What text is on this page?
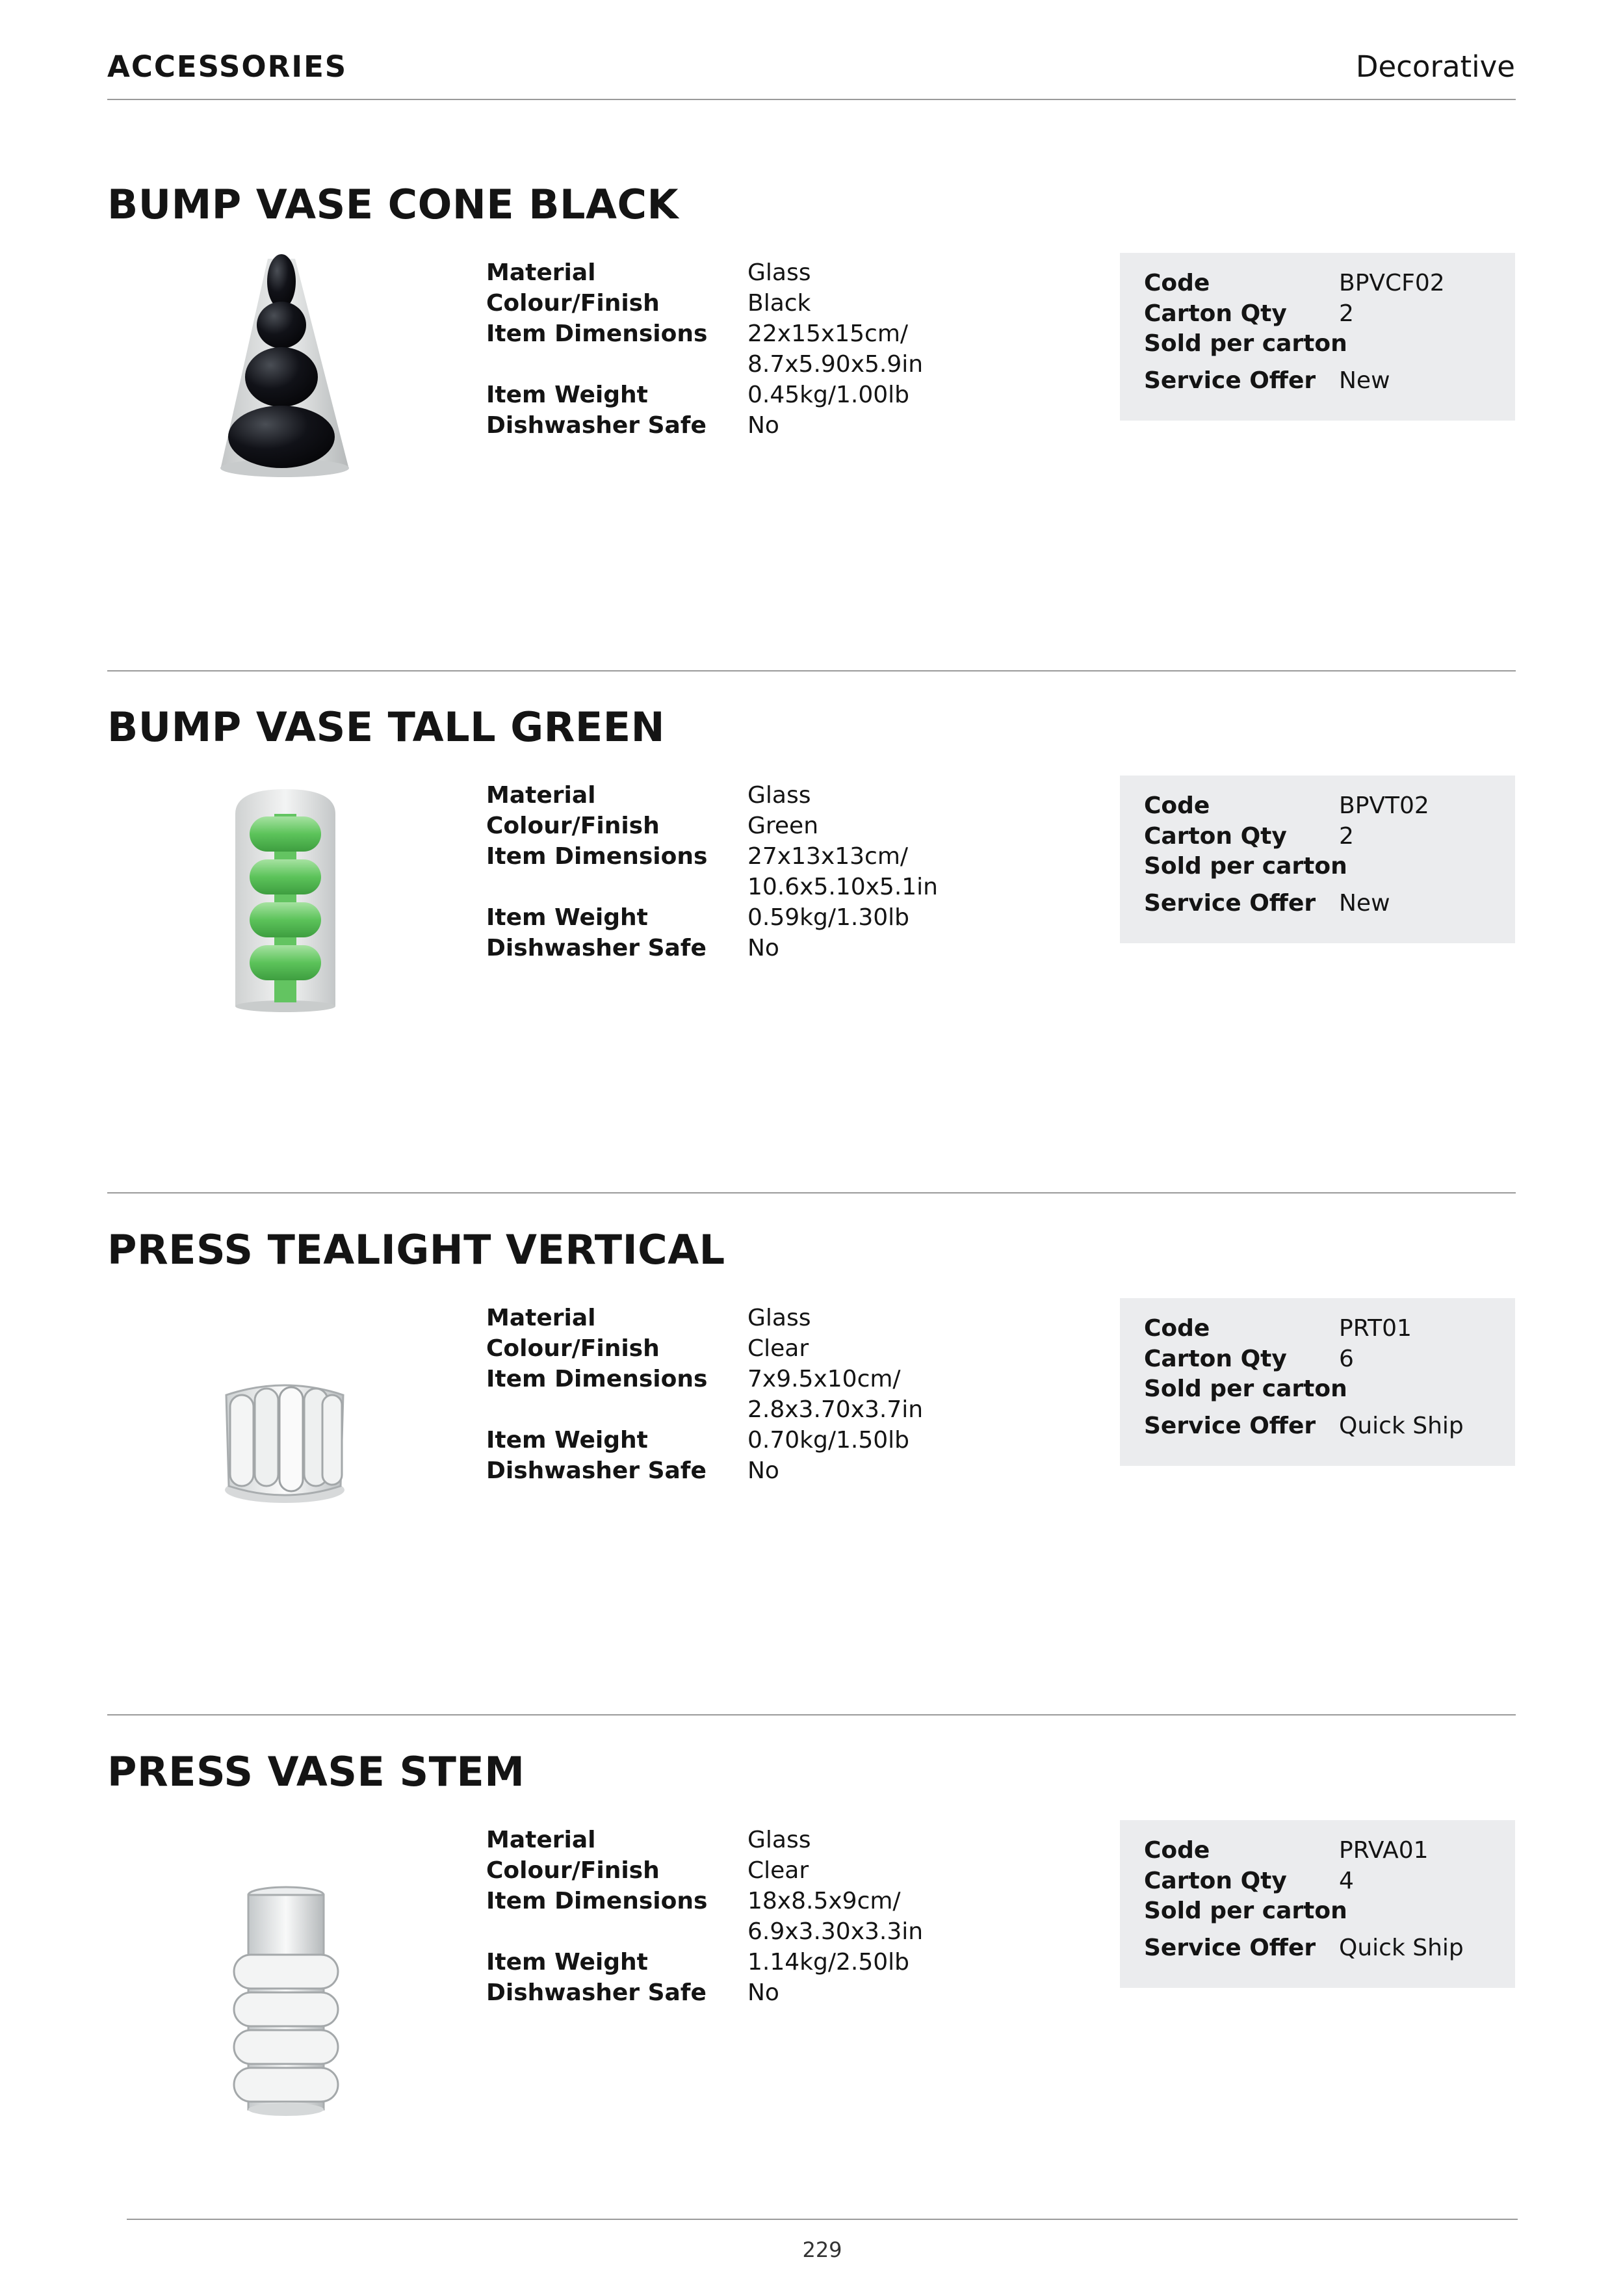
ACCESSORIES	Decorative
BUMP VASE CONE BLACK
Material	Glass
Colour/Finish	Black
Item Dimensions	22x15x15cm/
8.7x5.90x5.9in
Item Weight	0.45kg/1.00lb
Dishwasher Safe	No
Code	BPVCF02
Carton Qty	2
Sold per carton
Service Offer New
BUMP VASE TALL GREEN
Material	Glass
Colour/Finish	Green
Item Dimensions	27x13x13cm/
10.6x5.10x5.1in
Item Weight	0.59kg/1.30lb
Dishwasher Safe	No
Code	BPVT02
Carton Qty	2
Sold per carton
Service Offer New
PRESS TEALIGHT VERTICAL
Material	Glass
Colour/Finish	Clear
Item Dimensions	7x9.5x10cm/
2.8x3.70x3.7in
Item Weight	0.70kg/1.50lb
Dishwasher Safe	No
Code	PRT01
Carton Qty	6
Sold per carton
Service Offer Quick Ship
PRESS VASE STEM
Material	Glass
Colour/Finish	Clear
Item Dimensions	18x8.5x9cm/
6.9x3.30x3.3in
Item Weight	1.14kg/2.50lb
Dishwasher Safe	No
Code	PRVA01
Carton Qty	4
Sold per carton
Service Offer Quick Ship
229
